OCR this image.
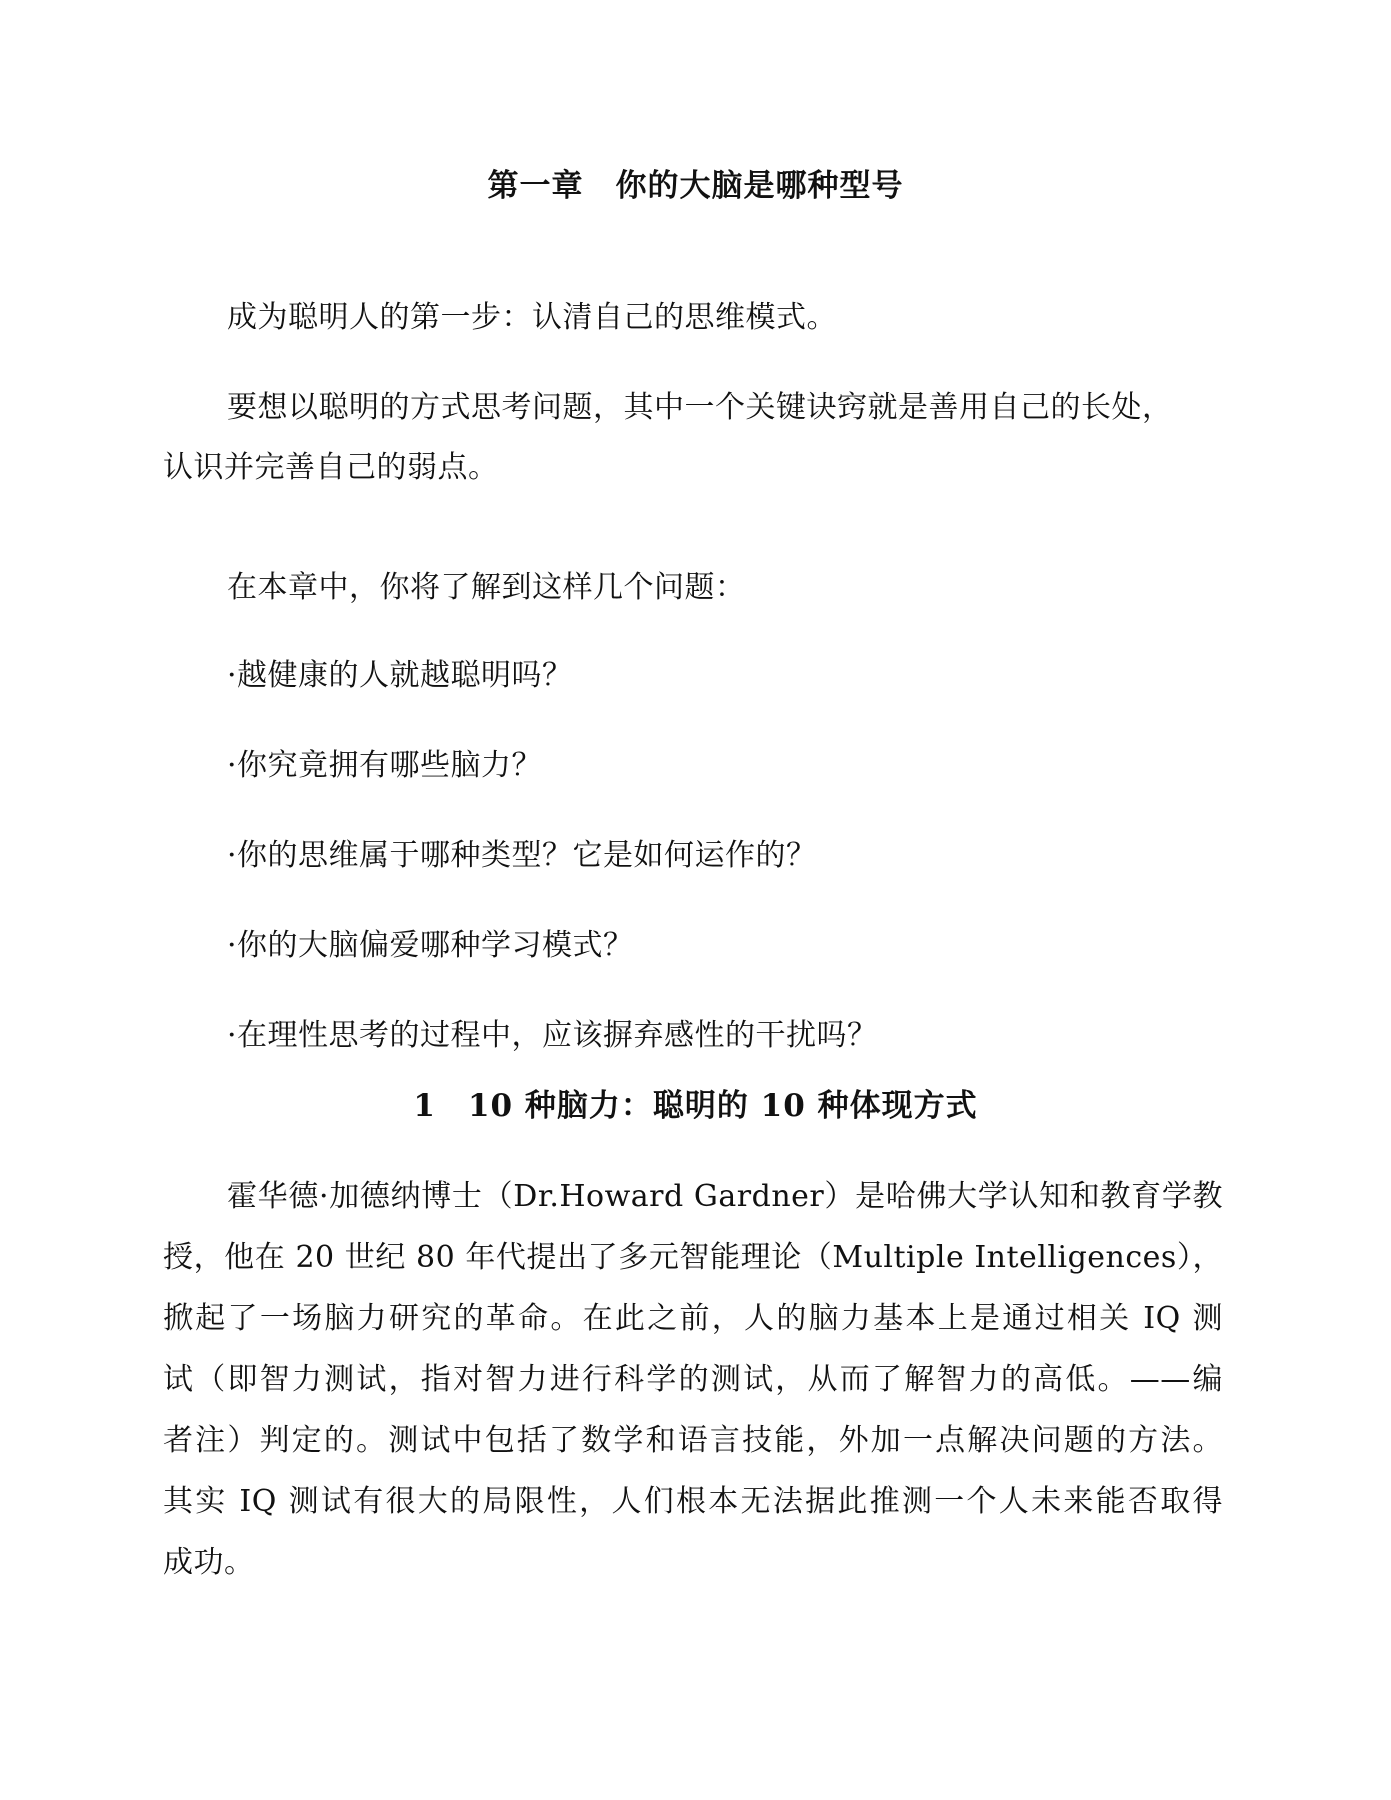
第一章　你的大脑是哪种型号
成为聪明人的第一步：认清自己的思维模式。
要想以聪明的方式思考问题，其中一个关键诀窍就是善用自己的长处，
认识并完善自己的弱点。
在本章中，你将了解到这样几个问题：
·越健康的人就越聪明吗？
·你究竟拥有哪些脑力？
·你的思维属于哪种类型？它是如何运作的？
·你的大脑偏爱哪种学习模式？
·在理性思考的过程中，应该摒弃感性的干扰吗？
1　10 种脑力：聪明的 10 种体现方式
霍华德·加德纳博士（Dr.Howard Gardner）是哈佛大学认知和教育学教
授，他在 20 世纪 80 年代提出了多元智能理论（Multiple Intelligences），
掀起了一场脑力研究的革命。在此之前，人的脑力基本上是通过相关 IQ 测
试（即智力测试，指对智力进行科学的测试，从而了解智力的高低。——编
者注）判定的。测试中包括了数学和语言技能，外加一点解决问题的方法。
其实 IQ 测试有很大的局限性，人们根本无法据此推测一个人未来能否取得
成功。
